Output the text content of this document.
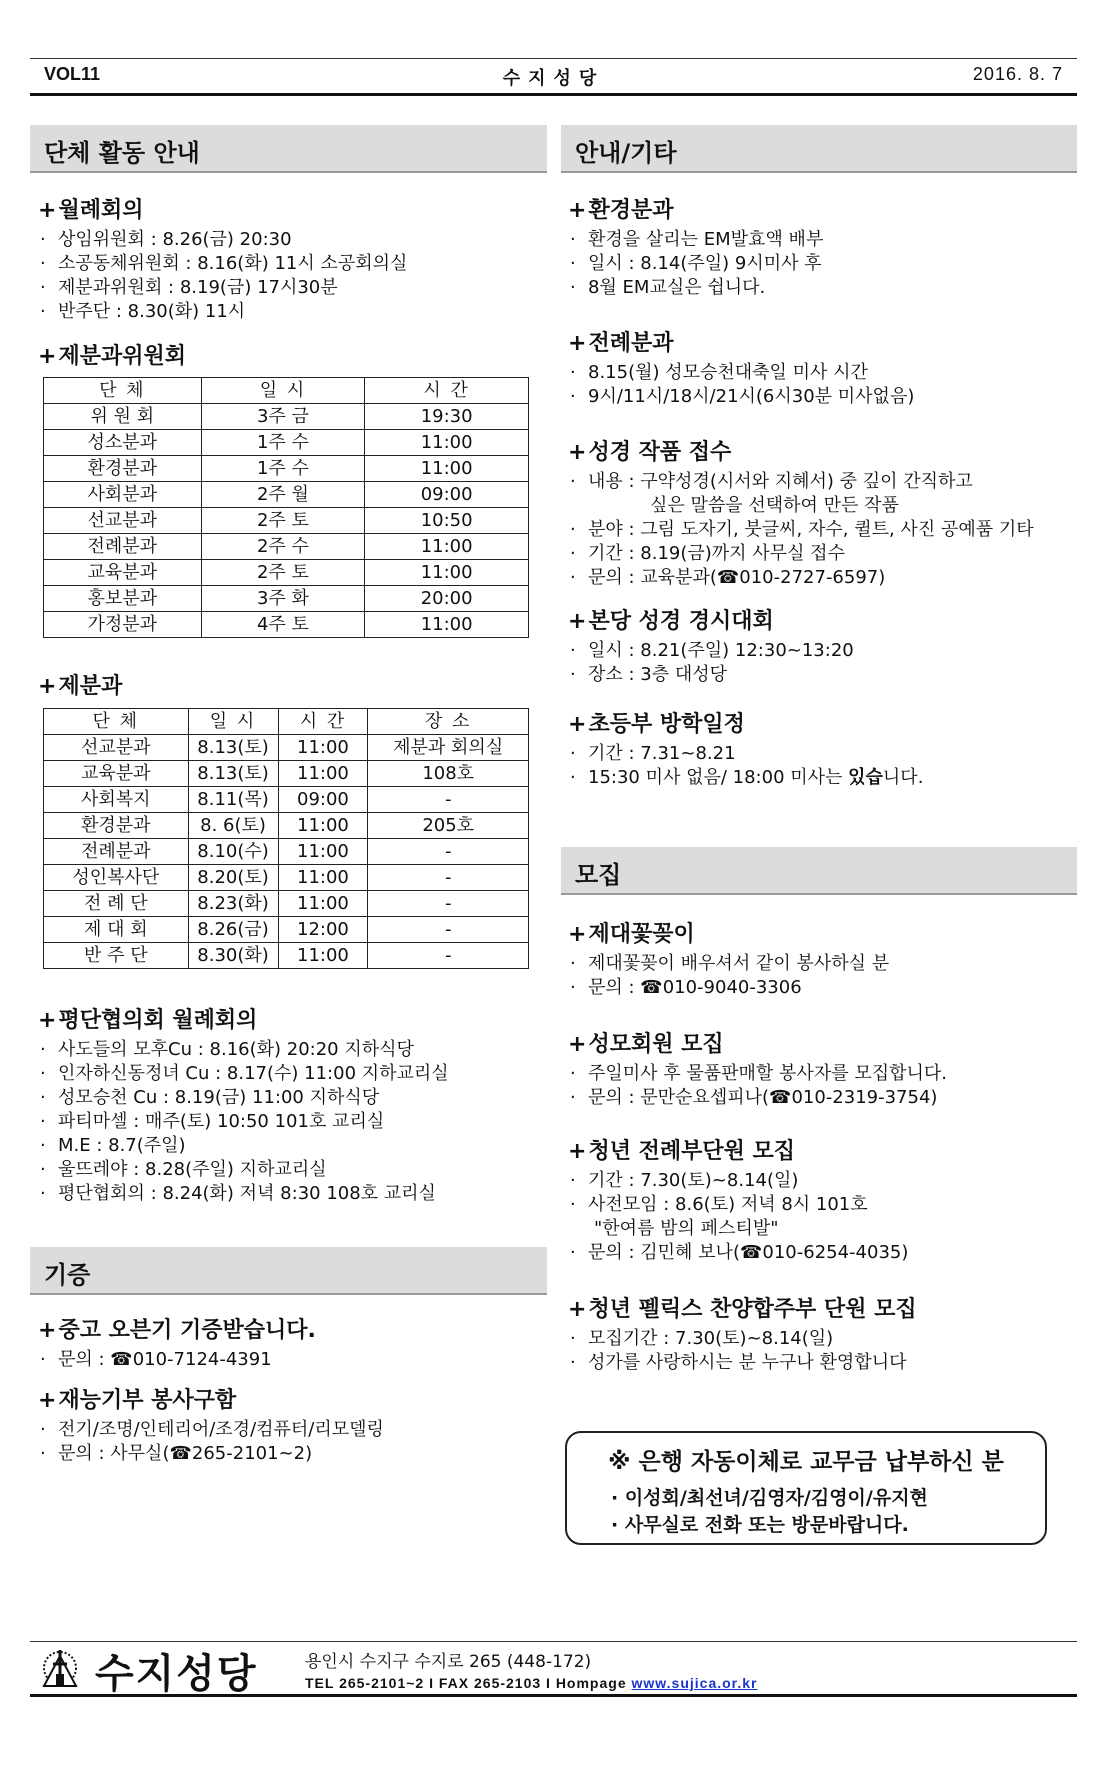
VOL11	수지성당	2016. 8. 7
단체 활동 안내
+월례회의
· 상임위원회 : 8.26(금) 20:30
· 소공동체위원회 : 8.16(화) 11시 소공회의실
· 제분과위원회 : 8.19(금) 17시30분
· 반주단 : 8.30(화) 11시
+제분과위원회
단 체	일 시	시 간
위 원 회	3주 금	19:30
성소분과	1주 수	11:00
환경분과	1주 수	11:00
사회분과	2주 월	09:00
선교분과	2주 토	10:50
전례분과	2주 수	11:00
교육분과	2주 토	11:00
홍보분과	3주 화	20:00
가정분과	4주 토	11:00
+제분과
단 체	일 시	시 간	장 소
선교분과	8.13(토)	11:00	제분과 회의실
교육분과	8.13(토)	11:00	108호
사회복지	8.11(목)	09:00	-
환경분과	8. 6(토)	11:00	205호
전례분과	8.10(수)	11:00	-
성인복사단	8.20(토)	11:00	-
전 례 단	8.23(화)	11:00	-
제 대 회	8.26(금)	12:00	-
반 주 단	8.30(화)	11:00	-
+평단협의회 월례회의
· 사도들의 모후Cu : 8.16(화) 20:20 지하식당
· 인자하신동정녀 Cu : 8.17(수) 11:00 지하교리실
· 성모승천 Cu : 8.19(금) 11:00 지하식당
· 파티마셀 : 매주(토) 10:50 101호 교리실
· M.E : 8.7(주일)
· 울뜨레야 : 8.28(주일) 지하교리실
· 평단협회의 : 8.24(화) 저녁 8:30 108호 교리실
기증
+중고 오븐기 기증받습니다.
· 문의 : ☎010-7124-4391
+재능기부 봉사구함
· 전기/조명/인테리어/조경/컴퓨터/리모델링
· 문의 : 사무실(☎265-2101~2)
안내/기타
+환경분과
· 환경을 살리는 EM발효액 배부
· 일시 : 8.14(주일) 9시미사 후
· 8월 EM교실은 쉽니다.
+전례분과
· 8.15(월) 성모승천대축일 미사 시간
· 9시/11시/18시/21시(6시30분 미사없음)
+성경 작품 접수
· 내용 : 구약성경(시서와 지혜서) 중 깊이 간직하고
싶은 말씀을 선택하여 만든 작품
· 분야 : 그림 도자기, 붓글씨, 자수, 퀼트, 사진 공예품 기타
· 기간 : 8.19(금)까지 사무실 접수
· 문의 : 교육분과(☎010-2727-6597)
+본당 성경 경시대회
· 일시 : 8.21(주일) 12:30~13:20
· 장소 : 3층 대성당
+초등부 방학일정
· 기간 : 7.31~8.21
· 15:30 미사 없음/ 18:00 미사는 있습니다.
모집
+제대꽃꽂이
· 제대꽃꽂이 배우셔서 같이 봉사하실 분
· 문의 : ☎010-9040-3306
+성모회원 모집
· 주일미사 후 물품판매할 봉사자를 모집합니다.
· 문의 : 문만순요셉피나(☎010-2319-3754)
+청년 전례부단원 모집
· 기간 : 7.30(토)~8.14(일)
· 사전모임 : 8.6(토) 저녁 8시 101호
"한여름 밤의 페스티발"
· 문의 : 김민혜 보나(☎010-6254-4035)
+청년 펠릭스 찬양합주부 단원 모집
· 모집기간 : 7.30(토)~8.14(일)
· 성가를 사랑하시는 분 누구나 환영합니다
※ 은행 자동이체로 교무금 납부하신 분
· 이성회/최선녀/김영자/김영이/유지현
· 사무실로 전화 또는 방문바랍니다.
수지성당	용인시 수지구 수지로 265 (448-172)
TEL 265-2101~2 I FAX 265-2103 I Hompage www.sujica.or.kr
